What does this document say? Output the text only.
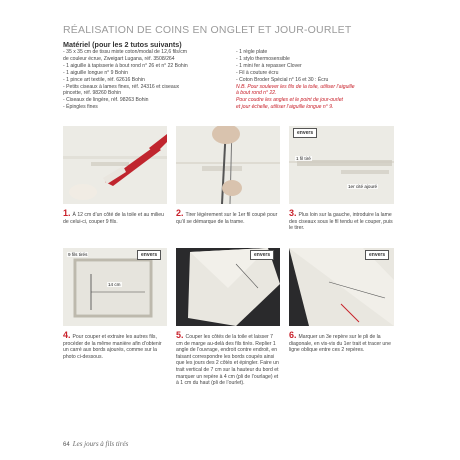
RÉALISATION DE COINS EN ONGLET ET JOUR-OURLET
Matériel (pour les 2 tutos suivants)
- 35 x 35 cm de tissu mixte coton/modal de 12,6 fils/cm
de couleur écrue, Zweigart Lugana, réf. 3508/264
- 1 aiguille à tapisserie à bout rond n° 26 et n° 22 Bohin
- 1 aiguille longue n° 9 Bohin
- 1 pince art textile, réf. 62616 Bohin
- Petits ciseaux à lames fines, réf. 24316 et ciseaux
pincette, réf. 98260 Bohin
- Ciseaux de lingère, réf. 98263 Bohin
- Épingles fines
- 1 règle plate
- 1 stylo thermosensible
- 1 mini fer à repasser Clover
- Fil à couture écru
- Coton Broder Spécial n° 16 et 30 : Écru
N.B. Pour soulever les fils de la toile, utiliser l’aiguille
à bout rond n° 22.
Pour coudre les angles et le point de jour-ourlet
et jour échelle, utiliser l’aiguille longue n° 9.
envers
1 fil tiré
1er cité ajouré
1. À 12 cm d’un côté de la toile et au milieu de celui-ci, couper 9 fils.
2. Tirer légèrement sur le 1er fil coupé pour qu’il se démarque de la trame.
3. Plus loin sur la gauche, introduire la lame des ciseaux sous le fil tendu et le couper, puis le tirer.
9 fils tirés
14 cm
envers	envers	envers
4. Pour couper et extraire les autres fils, procéder de la même manière afin d’obtenir un carré aux bords ajourés, comme sur la photo ci-dessous.
5. Couper les côtés de la toile et laisser 7 cm de marge au-delà des fils tirés. Replier 1 angle de l’ouvrage, endroit contre endroit, en faisant correspondre les bords coupés ainsi que les jours des 2 côtés et épingler. Faire un trait vertical de 7 cm sur la hauteur du bord et marquer un repère à 4 cm (pli de l’ourlage) et à 1 cm du haut (pli de l’ourlet).
6. Marquer un 3e repère sur le pli de la diagonale, en vis-vis du 1er trait et tracer une ligne oblique entre ces 2 repères.
64 Les jours à fils tirés
